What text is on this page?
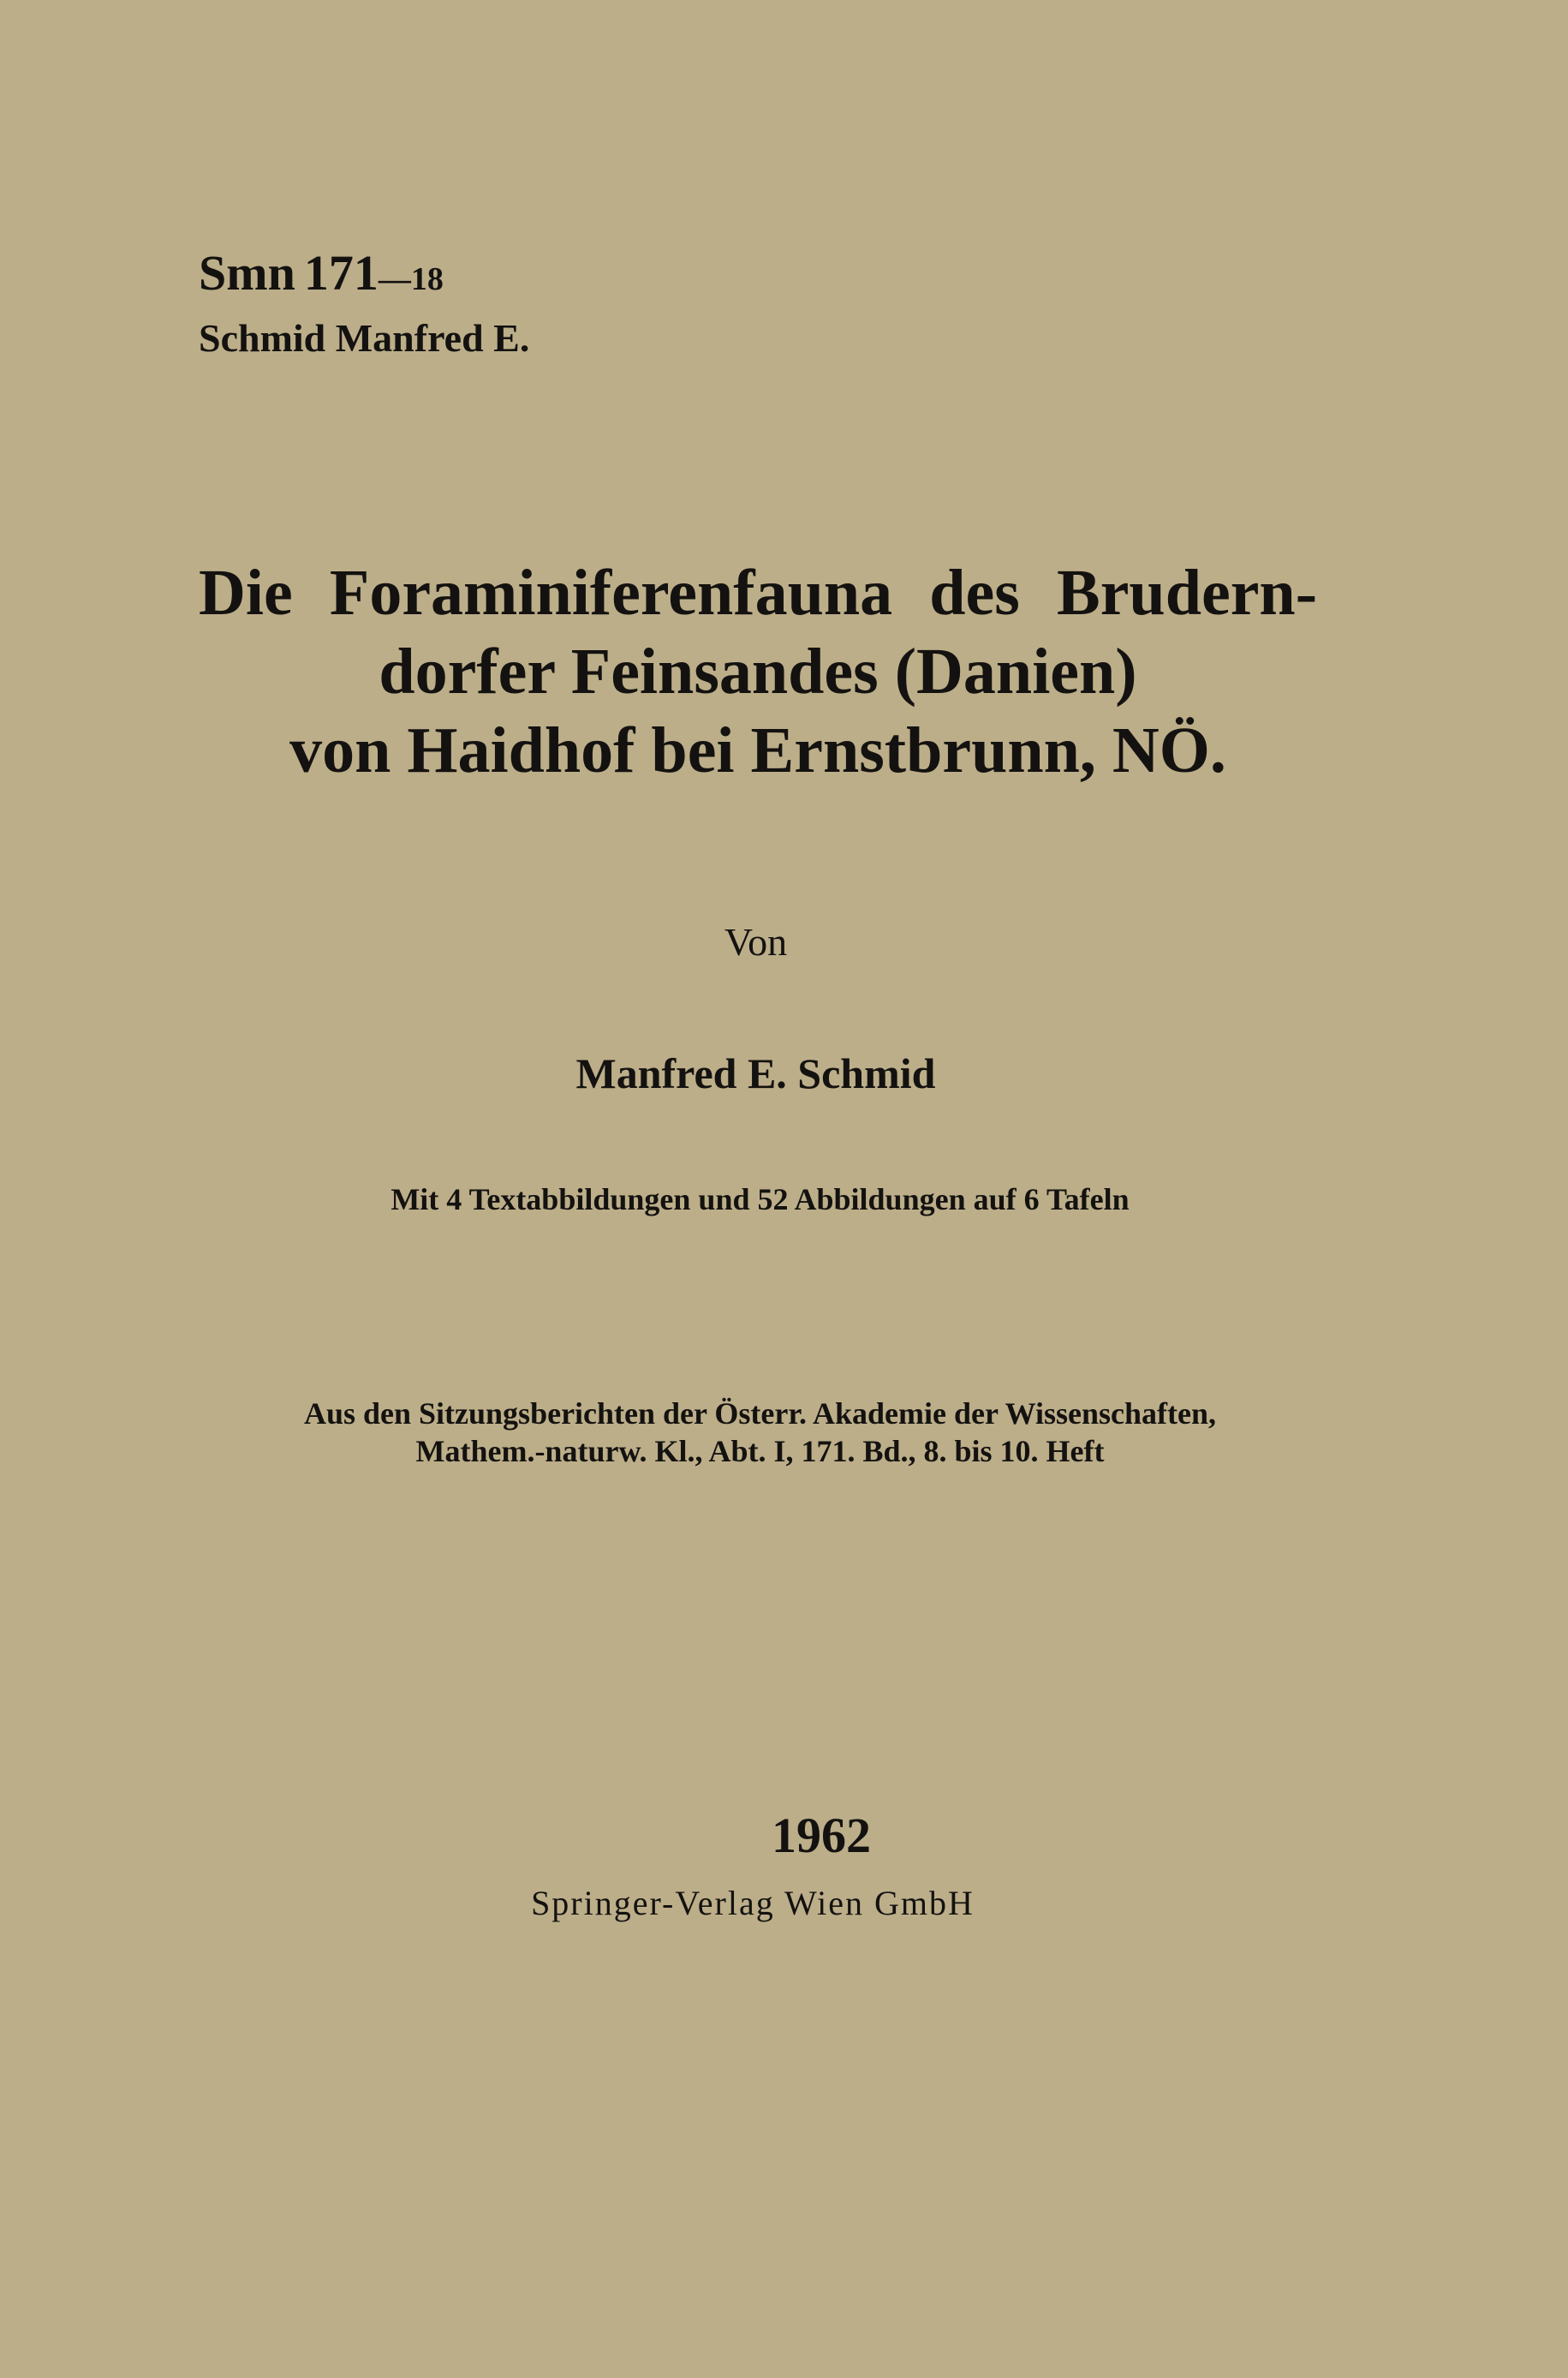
Smn 171—18
Schmid Manfred E.
Die Foraminiferenfauna des Brudern-
dorfer Feinsandes (Danien)
von Haidhof bei Ernstbrunn, NÖ.
Von
Manfred E. Schmid
Mit 4 Textabbildungen und 52 Abbildungen auf 6 Tafeln
Aus den Sitzungsberichten der Österr. Akademie der Wissenschaften,
Mathem.-naturw. Kl., Abt. I, 171. Bd., 8. bis 10. Heft
1962
Springer-Verlag Wien GmbH
